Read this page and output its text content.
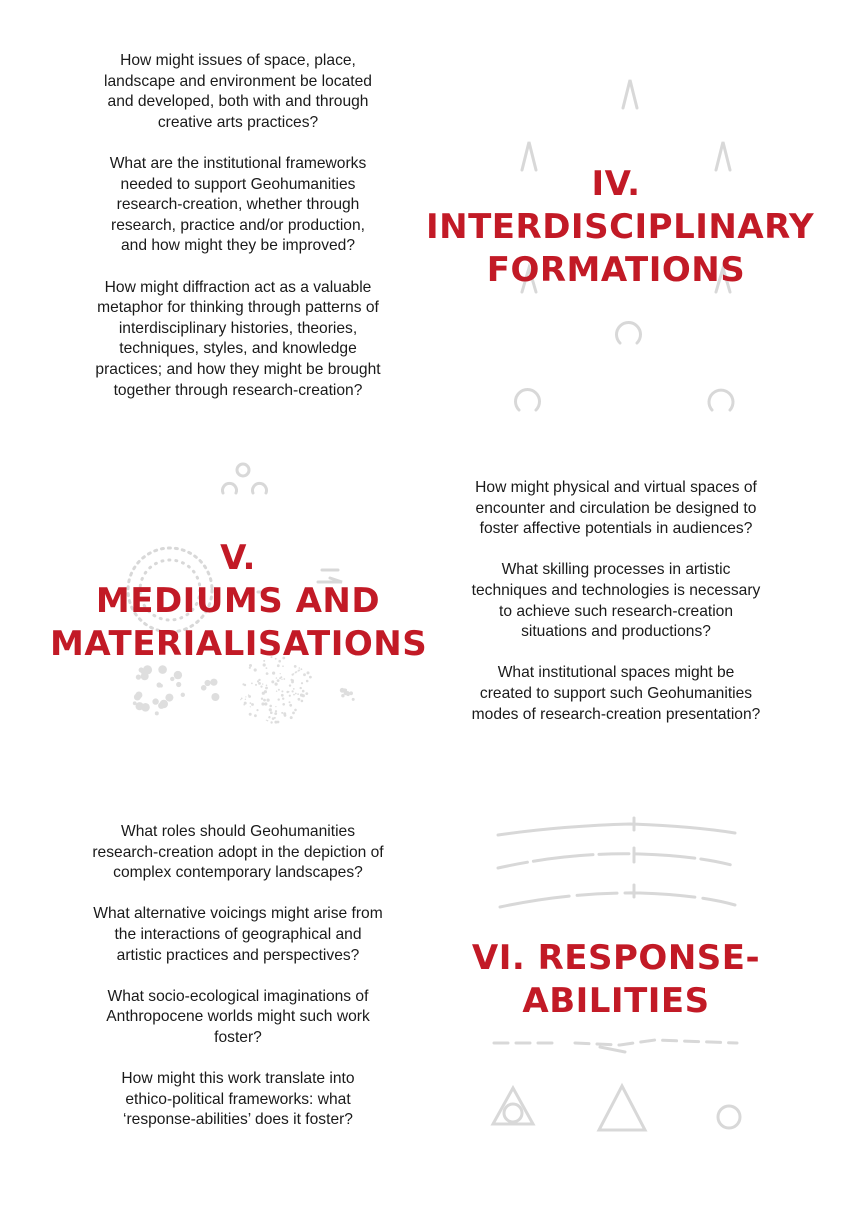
How might issues of space, place,
landscape and environment be located
and developed, both with and through
creative arts practices?

What are the institutional frameworks
needed to support Geohumanities
research-creation, whether through
research, practice and/or production,
and how might they be improved?

How might diffraction act as a valuable
metaphor for thinking through patterns of
interdisciplinary histories, theories,
techniques, styles, and knowledge
practices; and how they might be brought
together through research-creation?

IV.
INTERDISCIPLINARY
FORMATIONS
V.
MEDIUMS AND
MATERIALISATIONS

How might physical and virtual spaces of
encounter and circulation be designed to
foster affective potentials in audiences?

What skilling processes in artistic
techniques and technologies is necessary
to achieve such research-creation
situations and productions?

What institutional spaces might be
created to support such Geohumanities
modes of research-creation presentation?

What roles should Geohumanities
research-creation adopt in the depiction of
complex contemporary landscapes?

What alternative voicings might arise from
the interactions of geographical and
artistic practices and perspectives?

What socio-ecological imaginations of
Anthropocene worlds might such work
foster?

How might this work translate into
ethico-political frameworks: what
‘response-abilities’ does it foster?

VI. RESPONSE-
ABILITIES
